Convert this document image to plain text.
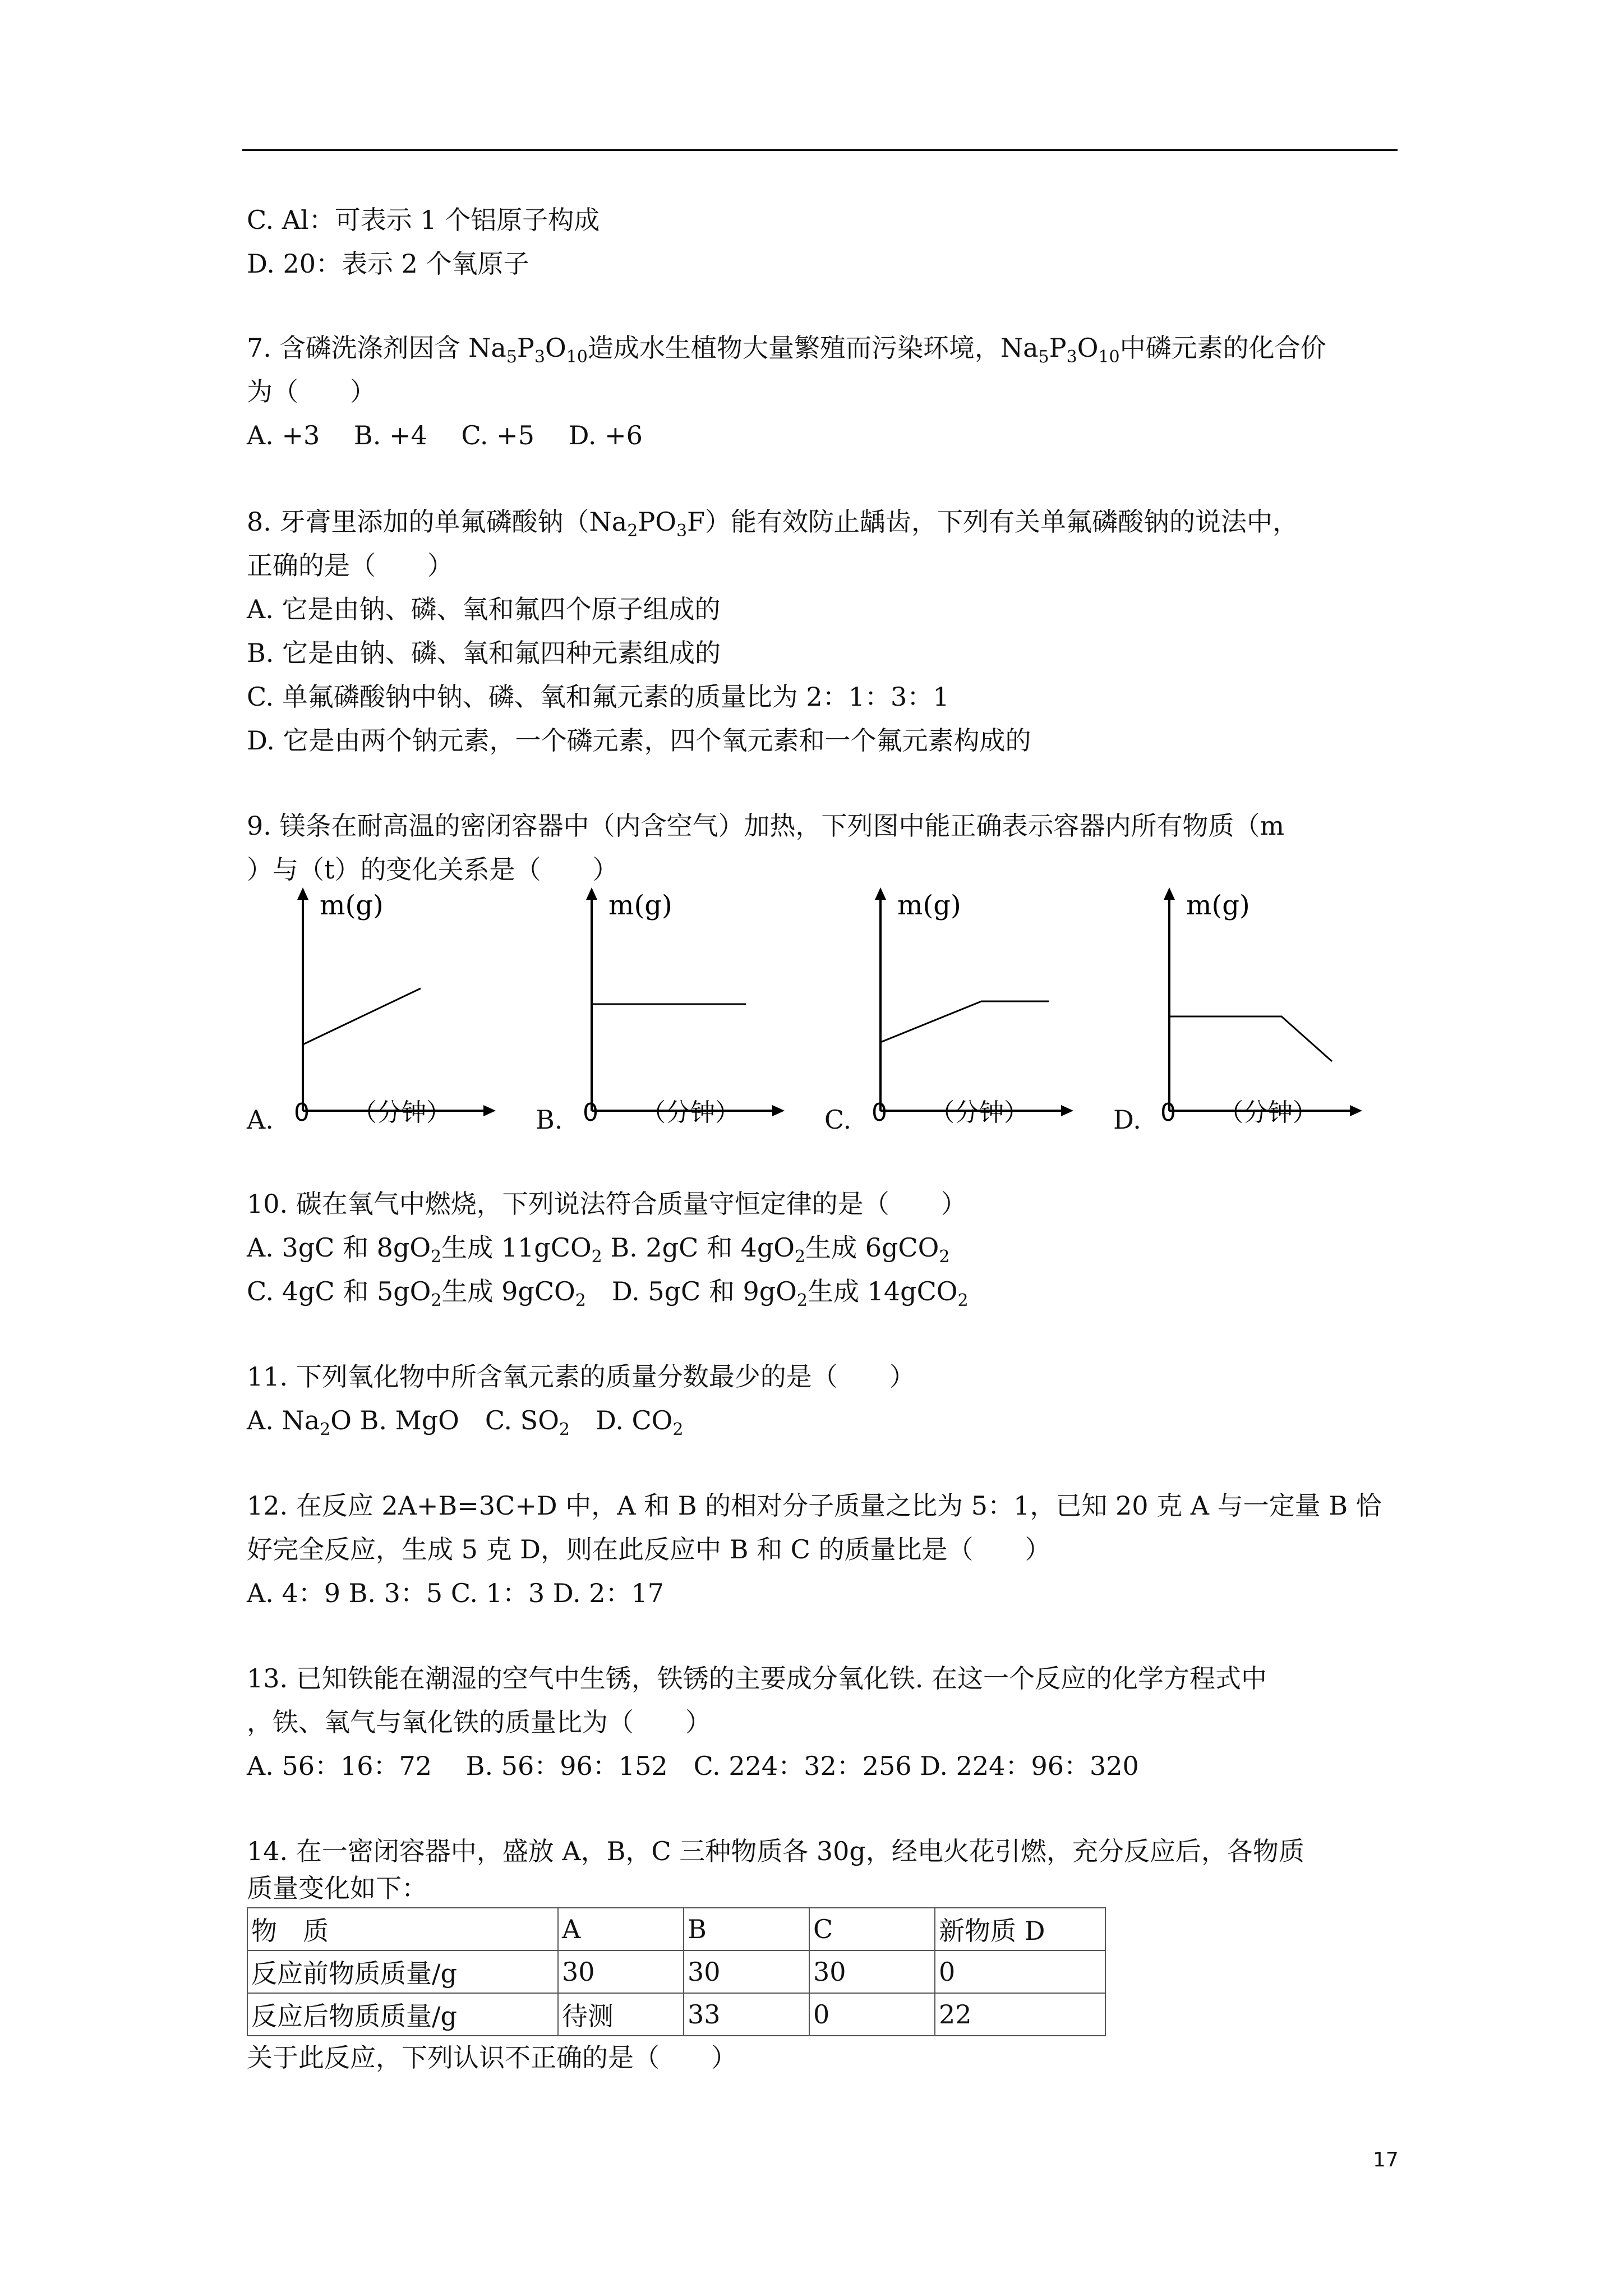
C. Al：可表示 1 个铝原子构成
D. 20：表示 2 个氧原子
7. 含磷洗涤剂因含 $Na_5P_3O_{10}$造成水生植物大量繁殖而污染环境，$Na_5P_3O_{10}$中磷元素的化合价
为（　　）
A. +3　 B. +4　 C. +5　 D. +6
8. 牙膏里添加的单氟磷酸钠$(Na_2PO_3F)$能有效防止龋齿，下列有关单氟磷酸钠的说法中，
正确的是（　　）
A. 它是由钠、磷、氧和氟四个原子组成的
B. 它是由钠、磷、氧和氟四种元素组成的
C. 单氟磷酸钠中钠、磷、氧和氟元素的质量比为 2：1：3：1
D. 它是由两个钠元素，一个磷元素，四个氧元素和一个氟元素构成的
9. 镁条在耐高温的密闭容器中（内含空气）加热，下列图中能正确表示容器内所有物质（m
）与（t）的变化关系是（　　）
m(g)
0 （分钟）
A.
m(g)
0 （分钟）
B.
m(g)
0 （分钟）
C.
m(g)
0 （分钟）
D.
10. 碳在氧气中燃烧，下列说法符合质量守恒定律的是（　　）
A. 3gC 和 $8gO_2$生成 11gCO$_2$ B. 2gC 和 $4gO_2$生成 6gCO$_2$
C. 4gC 和 $5gO_2$生成 9gCO$_2$　D. 5gC 和 $9gO_2$生成 14gCO$_2$
11. 下列氧化物中所含氧元素的质量分数最少的是（　　）
A. $Na_2O$ B. MgO　C. $SO_2$　D. $CO_2$
12. 在反应 2A+B=3C+D 中，A 和 B 的相对分子质量之比为 5：1，已知 20 克 A 与一定量 B 恰
好完全反应，生成 5 克 D，则在此反应中 B 和 C 的质量比是（　　）
A. 4：9 B. 3：5 C. 1：3 D. 2：17
13. 已知铁能在潮湿的空气中生锈，铁锈的主要成分氧化铁. 在这一个反应的化学方程式中
，铁、氧气与氧化铁的质量比为（　　）
A. 56：16：72　 B. 56：96：152　C. 224：32：256 D. 224：96：320
14. 在一密闭容器中，盛放 A，B，C 三种物质各 30g，经电火花引燃，充分反应后，各物质
质量变化如下：
物　质	A	B	C	新物质 D
反应前物质质量/g	30	30	30	0
反应后物质质量/g	待测	33	0	22
关于此反应，下列认识不正确的是（　　）
17
